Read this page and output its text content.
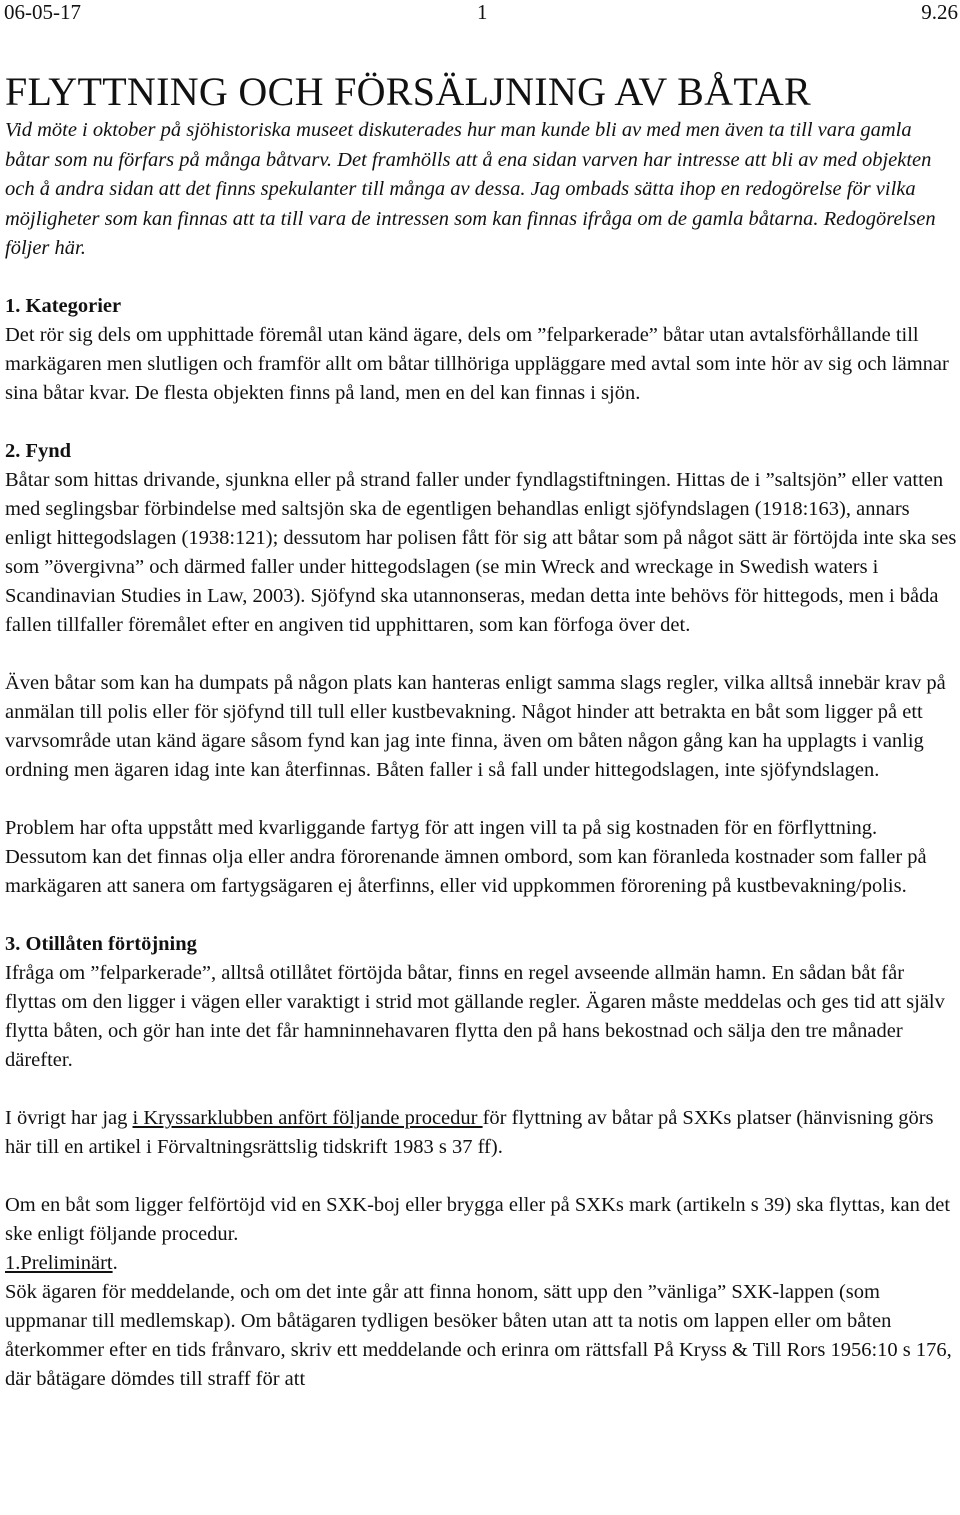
06-05-17	1	9.26
FLYTTNING OCH FÖRSÄLJNING AV BÅTAR

Vid möte i oktober på sjöhistoriska museet diskuterades hur man kunde bli av med men även ta till vara gamla båtar som nu förfars på många båtvarv. Det framhölls att å ena sidan varven har intresse att bli av med objekten och å andra sidan att det finns spekulanter till många av dessa. Jag ombads sätta ihop en redogörelse för vilka möjligheter som kan finnas att ta till vara de intressen som kan finnas ifråga om de gamla båtarna. Redogörelsen följer här.

1. Kategorier

Det rör sig dels om upphittade föremål utan känd ägare, dels om ”felparkerade” båtar utan avtalsförhållande till markägaren men slutligen och framför allt om båtar tillhöriga uppläggare med avtal som inte hör av sig och lämnar sina båtar kvar. De flesta objekten finns på land, men en del kan finnas i sjön.

2. Fynd

Båtar som hittas drivande, sjunkna eller på strand faller under fyndlagstiftningen. Hittas de i ”saltsjön” eller vatten med seglingsbar förbindelse med saltsjön ska de egentligen behandlas enligt sjöfyndslagen (1918:163), annars enligt hittegodslagen (1938:121); dessutom har polisen fått för sig att båtar som på något sätt är förtöjda inte ska ses som ”övergivna” och därmed faller under hittegodslagen (se min Wreck and wreckage in Swedish waters i Scandinavian Studies in Law, 2003). Sjöfynd ska utannonseras, medan detta inte behövs för hittegods, men i båda fallen tillfaller föremålet efter en angiven tid upphittaren, som kan förfoga över det.

Även båtar som kan ha dumpats på någon plats kan hanteras enligt samma slags regler, vilka alltså innebär krav på anmälan till polis eller för sjöfynd till tull eller kustbevakning. Något hinder att betrakta en båt som ligger på ett varvsområde utan känd ägare såsom fynd kan jag inte finna, även om båten någon gång kan ha upplagts i vanlig ordning men ägaren idag inte kan återfinnas. Båten faller i så fall under hittegodslagen, inte sjöfyndslagen.

Problem har ofta uppstått med kvarliggande fartyg för att ingen vill ta på sig kostnaden för en förflyttning. Dessutom kan det finnas olja eller andra förorenande ämnen ombord, som kan föranleda kostnader som faller på markägaren att sanera om fartygsägaren ej återfinns, eller vid uppkommen förorening på kustbevakning/polis.

3. Otillåten förtöjning

Ifråga om ”felparkerade”, alltså otillåtet förtöjda båtar, finns en regel avseende allmän hamn. En sådan båt får flyttas om den ligger i vägen eller varaktigt i strid mot gällande regler. Ägaren måste meddelas och ges tid att själv flytta båten, och gör han inte det får hamninnehavaren flytta den på hans bekostnad och sälja den tre månader därefter.

I övrigt har jag i Kryssarklubben anfört följande procedur för flyttning av båtar på SXKs platser (hänvisning görs här till en artikel i Förvaltningsrättslig tidskrift 1983 s 37 ff).

Om en båt som ligger felförtöjd vid en SXK-boj eller brygga eller på SXKs mark (artikeln s 39) ska flyttas, kan det ske enligt följande procedur.

1.Preliminärt.

Sök ägaren för meddelande, och om det inte går att finna honom, sätt upp den ”vänliga” SXK-lappen (som uppmanar till medlemskap). Om båtägaren tydligen besöker båten utan att ta notis om lappen eller om båten återkommer efter en tids frånvaro, skriv ett meddelande och erinra om rättsfall På Kryss & Till Rors 1956:10 s 176, där båtägare dömdes till straff för att
